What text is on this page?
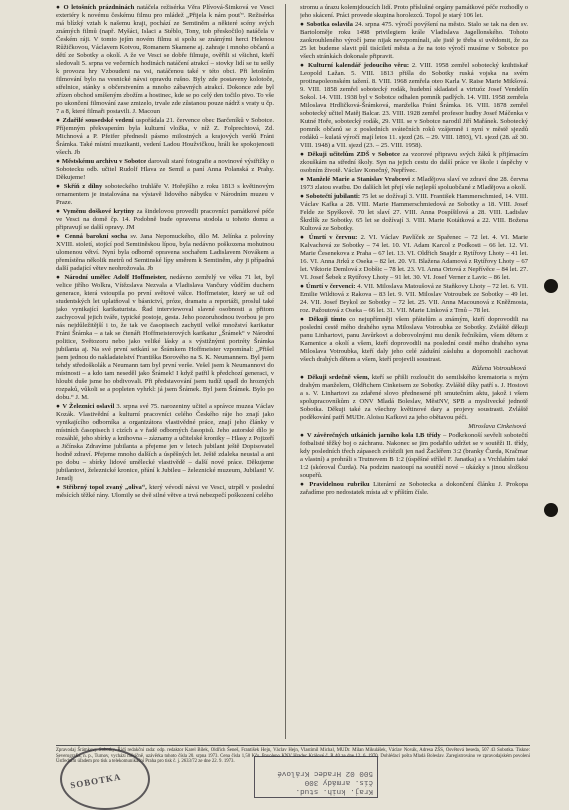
● O letošních prázdninách natáčela režisérka Věra Plívová-Šimková ve Vesci exteriéry k novému českému filmu pro mládež „Přijela k nám pouť“. Režisérka má blízký vztah k našemu kraji, pochází ze Semtiněm a některé scény svých známých filmů (např. Myšáci, Islaci a Stéblo, Tony, tob přeskočilo) natáčela v Českém ráji. V tomto jejím novém filmu si spolu se známými herci Helenou Růžičkovou, Václavem Kotvou, Romanem Skamene aj. zahraje i mnoho občanů a dětí ze Sobotky a okolí. A že ve Vesci se dobře filmuje, ověřili si všichni, kteří sledovali 5. srpna ve večerních hodinách natáčení atrakcí – stovky lidí se tu sešly k provozu hry Vzboudeni na vsi, natáčenou také v této obci. Při letošním filmování bylo na vesnické návsi opravdu rušno. Byly zde postaveny kolotoče, střelnice, stánky s občerstvením a mnoho zábavných atrakcí. Dokonce zde byl zřízen obchod smíšeným zbožím a hostinec, kde se po celý den točilo pivo. To vše po ukončení filmování zase zmizelo, trvale zde zůstanou pouze nádrž s vraty u čp. 7 a 8, které filmaři postavili. J. Macoun
● Zdařilé sousedské vedení uspořádala 21. července obec Barčeníků v Sobotce. Příjemným překvapením byla kulturní vložka, v níž Z. Folprechtová, Zd. Michnová a P. Pfeifer přednesli pásmo milostných a krajových veršů Fráni Šrámka. Také místní muzikanti, vedení Ladou Houžvičkou, hráli ke spokojenosti všech. Jb
● Městskému archivu v Sobotce darovali staré fotografie a novinové výstřižky o Sobotecku odb. učitel Rudolf Hlava ze Semil a paní Anna Polanská z Prahy. Děkujeme!
● Skříň z dílny soboteckého truhláře V. Hořejšího z roku 1813 s květinovým ornamentem je instalována na výstavě lidového nábytku v Národním muzeu v Praze.
● Vyměnu doškové krytiny za šindelovou provedli pracovníci památkové péče ve Vesci na domě čp. 14. Podobně bude opravena stodola u tohoto domu a připravují se další opravy. JM
● Cenná barokní socha sv. Jana Nepomuckého, dílo M. Jelínka z polovíny XVIII. století, stojící pod Semtiněskou lípou, byla nedávno poškozena mohutnou ulomenou větví. Nyní byla odborně opravena sochařem Ladislavem Novákem a přemístěna několik metrů od Semtinské lípy směrem k Semtiněm, aby ji případná další padající větev neohrožovala. Jb
● Národní umělec Adolf Hoffmeister, nedávno zemřelý ve věku 71 let, byl velice jiřího Wolkra, Vítězslava Nezvala a Vladislava Vančury vůdčím duchem generace, která vstoupila po první světové válce. Hoffmeister, který se už od studentských let uplatňoval v básnictví, próze, dramatu a reportáži, proslul také jako vynikající karikaturista. Řad interviewoval slavné osobnosti a přitom zachycoval jejich tváře, typické postoje, gesta. Jeho pozoruhodnou tvorbou je pro nás nejdůležitější i to, že tak ve časopisech zachytil velké množství karikatur Fráni Šrámka – a tak se čtenáři Hoffmeisterových karikatur „Šrámek“ v Národní politice, Světozoru nebo jako veliké lásky a s výstižnými portréty Šrámka jubilanta aj. Na své první setkání se Šrámkem Hoffmeister vzpomínal: „Přišel jsem jednou do nakladatelství Františka Borového na S. K. Neumannem. Byl jsem tehdy středoškolák a Neumann tam byl první verše. Vešel jsem k Neumannovi do místnosti – a kdo tam neseděl jako Šrámek! I když patřil k předchozí generaci, v hloubi duše jsme ho obdivovali. Při představování jsem tudíž upadl do hrozných rozpaků, vůkoli se a popleten vyhrkl: já jsem Šrámek. Byl jsem Šrámek. Bylo po dobu.“ J. M.
● V Železnici oslavil 3. srpna své 75. narozeniny učitel a správce muzea Václav Kozák. Vlastivědní a kulturní pracovníci celého Českého ráje ho znají jako vynikajícího odborníka a organizátora vlastivědné práce, znají jeho články v místních časopisech i cizích a v řadě odborných časopisů. Jeho autorské dílo je rozsáhlé, jeho sbírky a knihovna – záznamy a učitelské kroniky – Hlasy z Pojizeří a Jičínska Zdravíme jubilanta a přejeme jen v letech jubilant ještě Dopisovatel hodně zdraví. Přejeme mnoho dalších a úspěšných let. Ještě zdaleka neustal a ani po dobu – sbírky lidové umělecké vlastivědě – další nové práce. Děkujeme jubilantovi, železnické kronice, přání k Jubileu – železnické muzeum, Jubilant! V. Jenstlj
● Stříbrný topol zvaný „oliva“, který vévodí návsi ve Vesci, utrpěl v poslední měsících těžké rány. Ulomily se dvě silné větve a trvá nebezpečí poškození celého
stromu a úrazu kolemjdoucích lidí. Proto příslušné orgány památkové péče rozhodly o jeho skácení. Práci provede skupina horolezců. Topol je starý 106 let.
● Sobotka oslavila 24. srpna 475. výročí povýšení na město. Stalo se tak na den sv. Bartoloměje roku 1498 privilegiem krále Vladislava Jagellonského. Tohoto zaokrouhleného výročí jsme nijak nevzpomínali, ale jistě je třeba si uvědomit, že za 25 let budeme slavit půl tisíciletí města a že na toto výročí musíme v Sobotce po všech stránkách dokonale připravit.
● Kulturní kalendář jedoucího věru: 2. VIII. 1958 zemřel sobotecký knihtiskař Leopold Lažan. 5. VIII. 1813 přišla do Sobotky ruská vojska na svém protinapoleonském tažení. 8. VIII. 1968 zemřela oteo Karla V. Raise Marie Mikšová. 9. VIII. 1858 zemřel sobotecký rodák, hudební skladatel a virtuóz Josef Vendelín Sokol. 14. VIII. 1938 byl v Sobotce odhalen pomník padlých. 14. VIII. 1958 zemřela Miloslava Hrdličková-Šrámková, manželka Fráni Šrámka. 16. VIII. 1878 zemřel sobotecký učitel Matěj Balcar. 23. VIII. 1928 zemřel profesor hudby Josef Máčenka v Kutné Hoře, sobotecký rodák, 29. VIII. se v Sobotce narodil Jiří Mařánek. Sobotecký pomník občanů se z posledních svátečních roků vzájemně i nyní v městě sjezdů rodáků – kulatá výročí mají letos 11. sjezd (26. – 29. VIII. 1893), VI. sjezd (28. až 30. VIII. 1948) a VII. sjezd (23. – 25. VIII. 1958).
● Děkuji učitelům ZDŠ v Sobotce za vzorové připravu svých žáků k přijímacím zkouškám na střední školy. Syn na jejich cestu do další práce ve škole i úspěchy v osobním životě. Václav Konečný, Nepřívec.
● Manželé Marie a Stanislav Vrabcovi z Mladějova slaví ve zdraví dne 28. června 1973 zlatou svatbu. Do dalších let přejí vše nejlepší spoluobčané z Mladějova a okolí.
● Sobotečtí jubilanti: 75 let se dožívají 3. VIII. František Hammerschmied, 14. VIII. Václav Kafka a 28. VIII. Marie Hammerschmiedová ze Sobotky a 18. VIII. Josef Felde ze Spyškově. 70 let slaví 27. VIII. Anna Pospíšilová a 28. VIII. Ladislav Škrdlík ze Sobotky. 65 let se dožívají 3. VIII. Marie Kotátková a 22. VIII. Božena Kultová ze Sobotky.
● Úmrtí v červnu: 2. VI. Václav Pavlíček ze Spařenec – 72 let. 4. VI. Marie Kalvachová ze Sobotky – 74 let. 10. VI. Adam Karcol z Podkosti – 66 let. 12. VI. Marie Česenekova z Praha – 67 let. 13. VI. Oldřich Snajdr z Rytířovy Lhoty – 41 let. 16. VI. Anna Jirků z Oseka – 82 let. 20. VI. Blažena Adamová z Rytířovy Lhoty – 67 let. Viktorie Demlová z Dobšic – 78 let. 23. VI. Anna Ortová z Nepřívěce – 84 let. 27. VI. Josef Šebek z Rytířovy Lhoty – 91 let. 30. VI. Josef Verner z Lavic – 86 let.
● Úmrtí v červenci: 4. VII. Miloslava Matoušová ze Staňkovy Lhoty – 72 let. 6. VII. Emilie Wildtová z Rakova – 83 let. 9. VII. Miloslav Votroubek ze Sobotky – 49 let. 24. VII. Josef Brykol ze Sobotky – 72 let. 25. VII. Anna Macounová z Kněžmosta, roz. Pažoutová z Oseka – 66 let. 31. VII. Marie Linková z Trnů – 78 let.
● Děkuji tímto co nejupřímněji všem přátelům a známým, kteří doprovodili na poslední cestě mého drahého syna Miloslava Votroubka ze Sobotky. Zvláště děkuji panu Linhartovi, panu Javůrkovi a dobrovolnými mu deník řečníkům, všem dětem z Kamenice a okolí a všem, kteří doprovodili na poslední cestě mého drahého syna Miloslava Votroubka, kteří daly jeho celé zádušní zásluhu a dopomohli zachovat všech drahých dětem a všem, kteří projevili soustrast.
Růžena Votroubková
● Děkuji srdečně všem, kteří se přišli rozloučit do semilského krematoria s mým drahým manželem, Oldřichem Cinkeisem ze Sobotky. Zvláště díky patří s. J. Hostovi a s. V. Linhartovi za zdařené slovo přednesené při smutečním aktu, jakož i všem spolupracovníkům z ONV Mladá Boleslav, MěstNV, SPB a myslivecké jednotě Sobotka. Děkuji také za všechny květinové dary a projevy soustrasti. Zvláště poděkování patří MUDr. Aloisu Kafkovi za jeho obětavou péči.
Miroslava Cinkeisová
● V závěrečných utkáních jarního kola I.B třídy – Podkrkonoší sevřeli sobotečtí fotbalisté těžký boj o záchranu. Nakonec se jim podařilo udržet se v soutěži II. třídy, kdy posledních třech zápasech zvítězili jen nad Žacléřem 3:2 (branky Čurda, Kračmar a vlastní) a prohráli s Trutnovem B 1:2 (úspěšné střílel F. Janatka) a s Vrchlabím také 1:2 (skóroval Čurda). Na podzim nastoupí na soutěží nové – ukázky s jinou složkou soupeřů.
● Pravidelnou rubriku Literární ze Sobotecka a dokončení článku J. Prokopa zařadíme pro nedostatek místa až v příštím čísle.
Zpravodaj Šrámkovy Sobotky. Řídí redakční rada: odp. redaktor Karel Bílek, Oldřich Šeneš, František Hejn, Václav Hejn, Vlastimil Michal, MUDr. Milan Mikulášek, Václav Novák, Adresa ZŠS, Osvětová beseda, 507 43 Sobotka. Tiskne: Severografia, n. p., Turnov, vychází měsíčně, uzávěrka tohoto čísla 20. srpna 1973. Cena čísla 1,50 Kčs. Povoleno KNV Hradec Králové č. R 40 ze dne 12. 6. 1970. Dohlédací pošta Mladá Boleslav. Zaregistrováno ve zpravodajském povolení Ústředním úřadem pro tisk a telekomunikační Praha pro tisk č. j. 2633/72 ze dne 22. 9. 1973.
SOBOTKA
Kraj. knih. stud.
čís. armády 300
500 02 Hradec Králové
